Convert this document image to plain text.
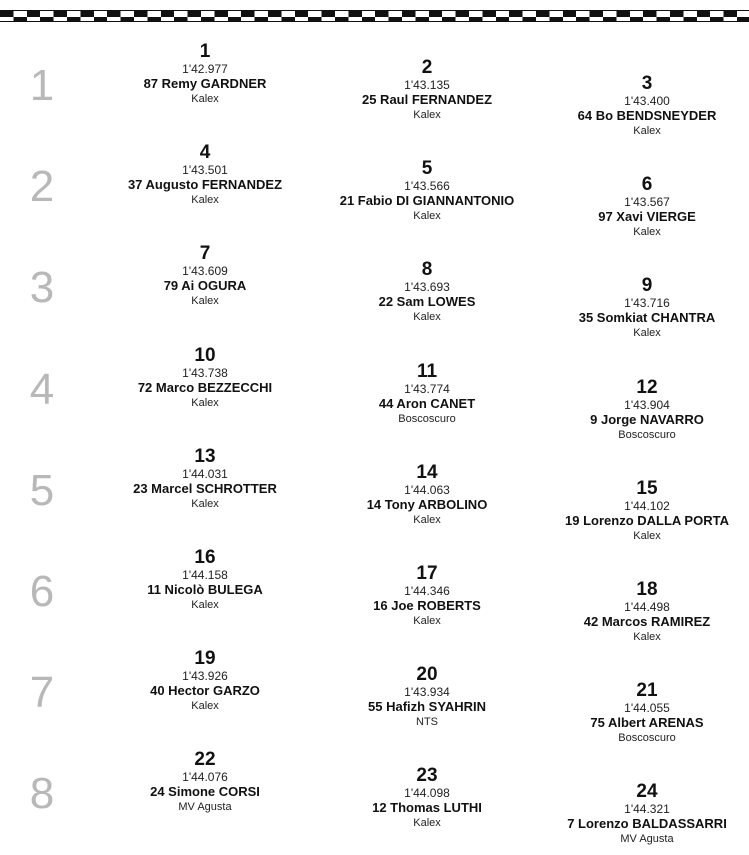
1
1
1'42.977
87 Remy GARDNER
Kalex
2
1'43.135
25 Raul FERNANDEZ
Kalex
3
1'43.400
64 Bo BENDSNEYDER
Kalex
2
4
1'43.501
37 Augusto FERNANDEZ
Kalex
5
1'43.566
21 Fabio DI GIANNANTONIO
Kalex
6
1'43.567
97 Xavi VIERGE
Kalex
3
7
1'43.609
79 Ai OGURA
Kalex
8
1'43.693
22 Sam LOWES
Kalex
9
1'43.716
35 Somkiat CHANTRA
Kalex
4
10
1'43.738
72 Marco BEZZECCHI
Kalex
11
1'43.774
44 Aron CANET
Boscoscuro
12
1'43.904
9 Jorge NAVARRO
Boscoscuro
5
13
1'44.031
23 Marcel SCHROTTER
Kalex
14
1'44.063
14 Tony ARBOLINO
Kalex
15
1'44.102
19 Lorenzo DALLA PORTA
Kalex
6
16
1'44.158
11 Nicolò BULEGA
Kalex
17
1'44.346
16 Joe ROBERTS
Kalex
18
1'44.498
42 Marcos RAMIREZ
Kalex
7
19
1'43.926
40 Hector GARZO
Kalex
20
1'43.934
55 Hafizh SYAHRIN
NTS
21
1'44.055
75 Albert ARENAS
Boscoscuro
8
22
1'44.076
24 Simone CORSI
MV Agusta
23
1'44.098
12 Thomas LUTHI
Kalex
24
1'44.321
7 Lorenzo BALDASSARRI
MV Agusta
